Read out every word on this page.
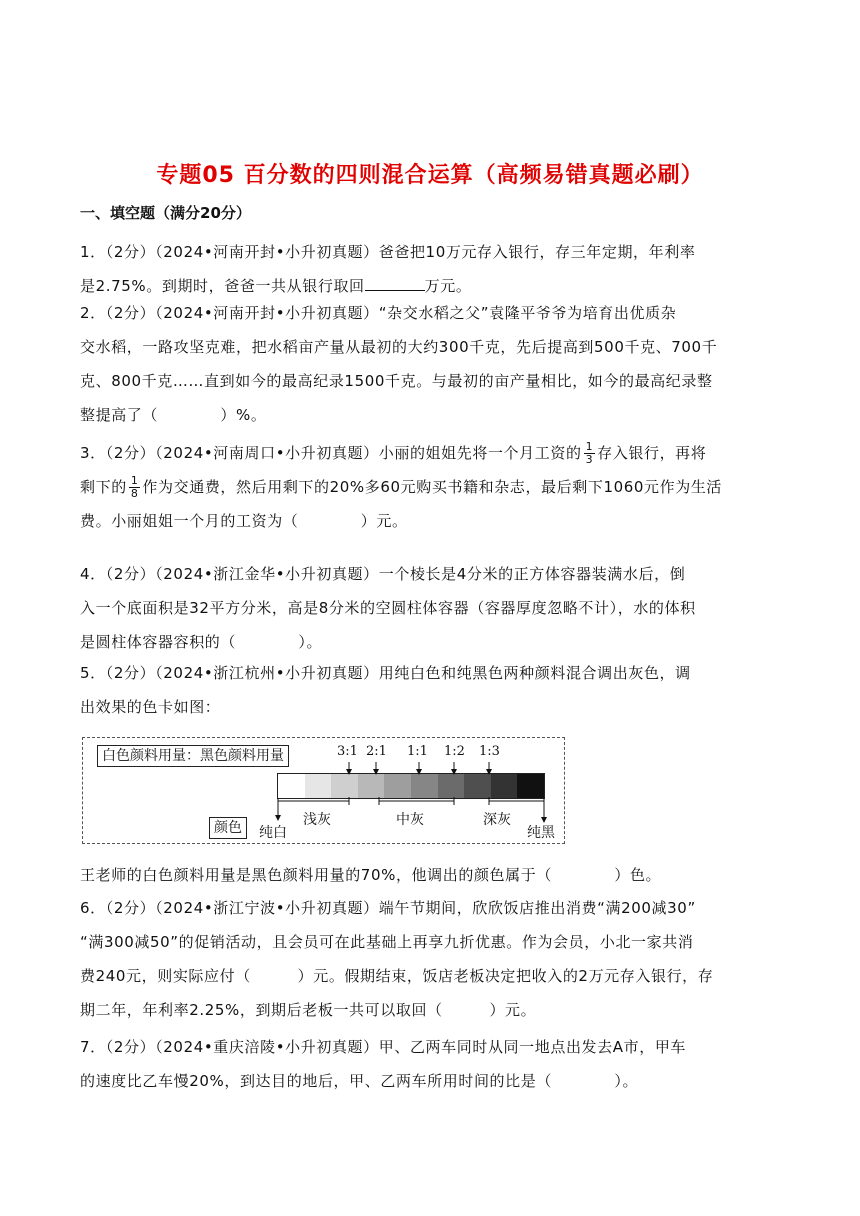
专题05 百分数的四则混合运算（高频易错真题必刷）
一、填空题（满分20分）
1．（2分）（2024•河南开封•小升初真题）爸爸把10万元存入银行，存三年定期，年利率
是2.75%。到期时，爸爸一共从银行取回	万元。
2．（2分）（2024•河南开封•小升初真题）“杂交水稻之父”袁隆平爷爷为培育出优质杂
交水稻，一路攻坚克难，把水稻亩产量从最初的大约300千克，先后提高到500千克、700千
克、800千克……直到如今的最高纪录1500千克。与最初的亩产量相比，如今的最高纪录整
整提高了（　　　　）%。
3．（2分）（2024•河南周口•小升初真题）小丽的姐姐先将一个月工资的 $\frac{1}{3}$ 存入银行，再将
剩下的 $\frac{1}{8}$ 作为交通费，然后用剩下的20%多60元购买书籍和杂志，最后剩下1060元作为生活
费。小丽姐姐一个月的工资为（　　　　）元。
4．（2分）（2024•浙江金华•小升初真题）一个棱长是4分米的正方体容器装满水后，倒
入一个底面积是32平方分米，高是8分米的空圆柱体容器（容器厚度忽略不计），水的体积
是圆柱体容器容积的（　　　　）。
5．（2分）（2024•浙江杭州•小升初真题）用纯白色和纯黑色两种颜料混合调出灰色，调
出效果的色卡如图：
白色颜料用量：黑色颜料用量	3:1 2:1 1:1 1:2 1:3
颜色	纯白
浅灰	中灰	深灰
纯黑
王老师的白色颜料用量是黑色颜料用量的70%，他调出的颜色属于（　　　　）色。
6．（2分）（2024•浙江宁波•小升初真题）端午节期间，欣欣饭店推出消费“满200减30”
“满300减50”的促销活动，且会员可在此基础上再享九折优惠。作为会员，小北一家共消
费240元，则实际应付（　　　）元。假期结束，饭店老板决定把收入的2万元存入银行，存
期二年，年利率2.25%，到期后老板一共可以取回（　　　）元。
7．（2分）（2024•重庆涪陵•小升初真题）甲、乙两车同时从同一地点出发去A市，甲车
的速度比乙车慢20%，到达目的地后，甲、乙两车所用时间的比是（　　　　）。
